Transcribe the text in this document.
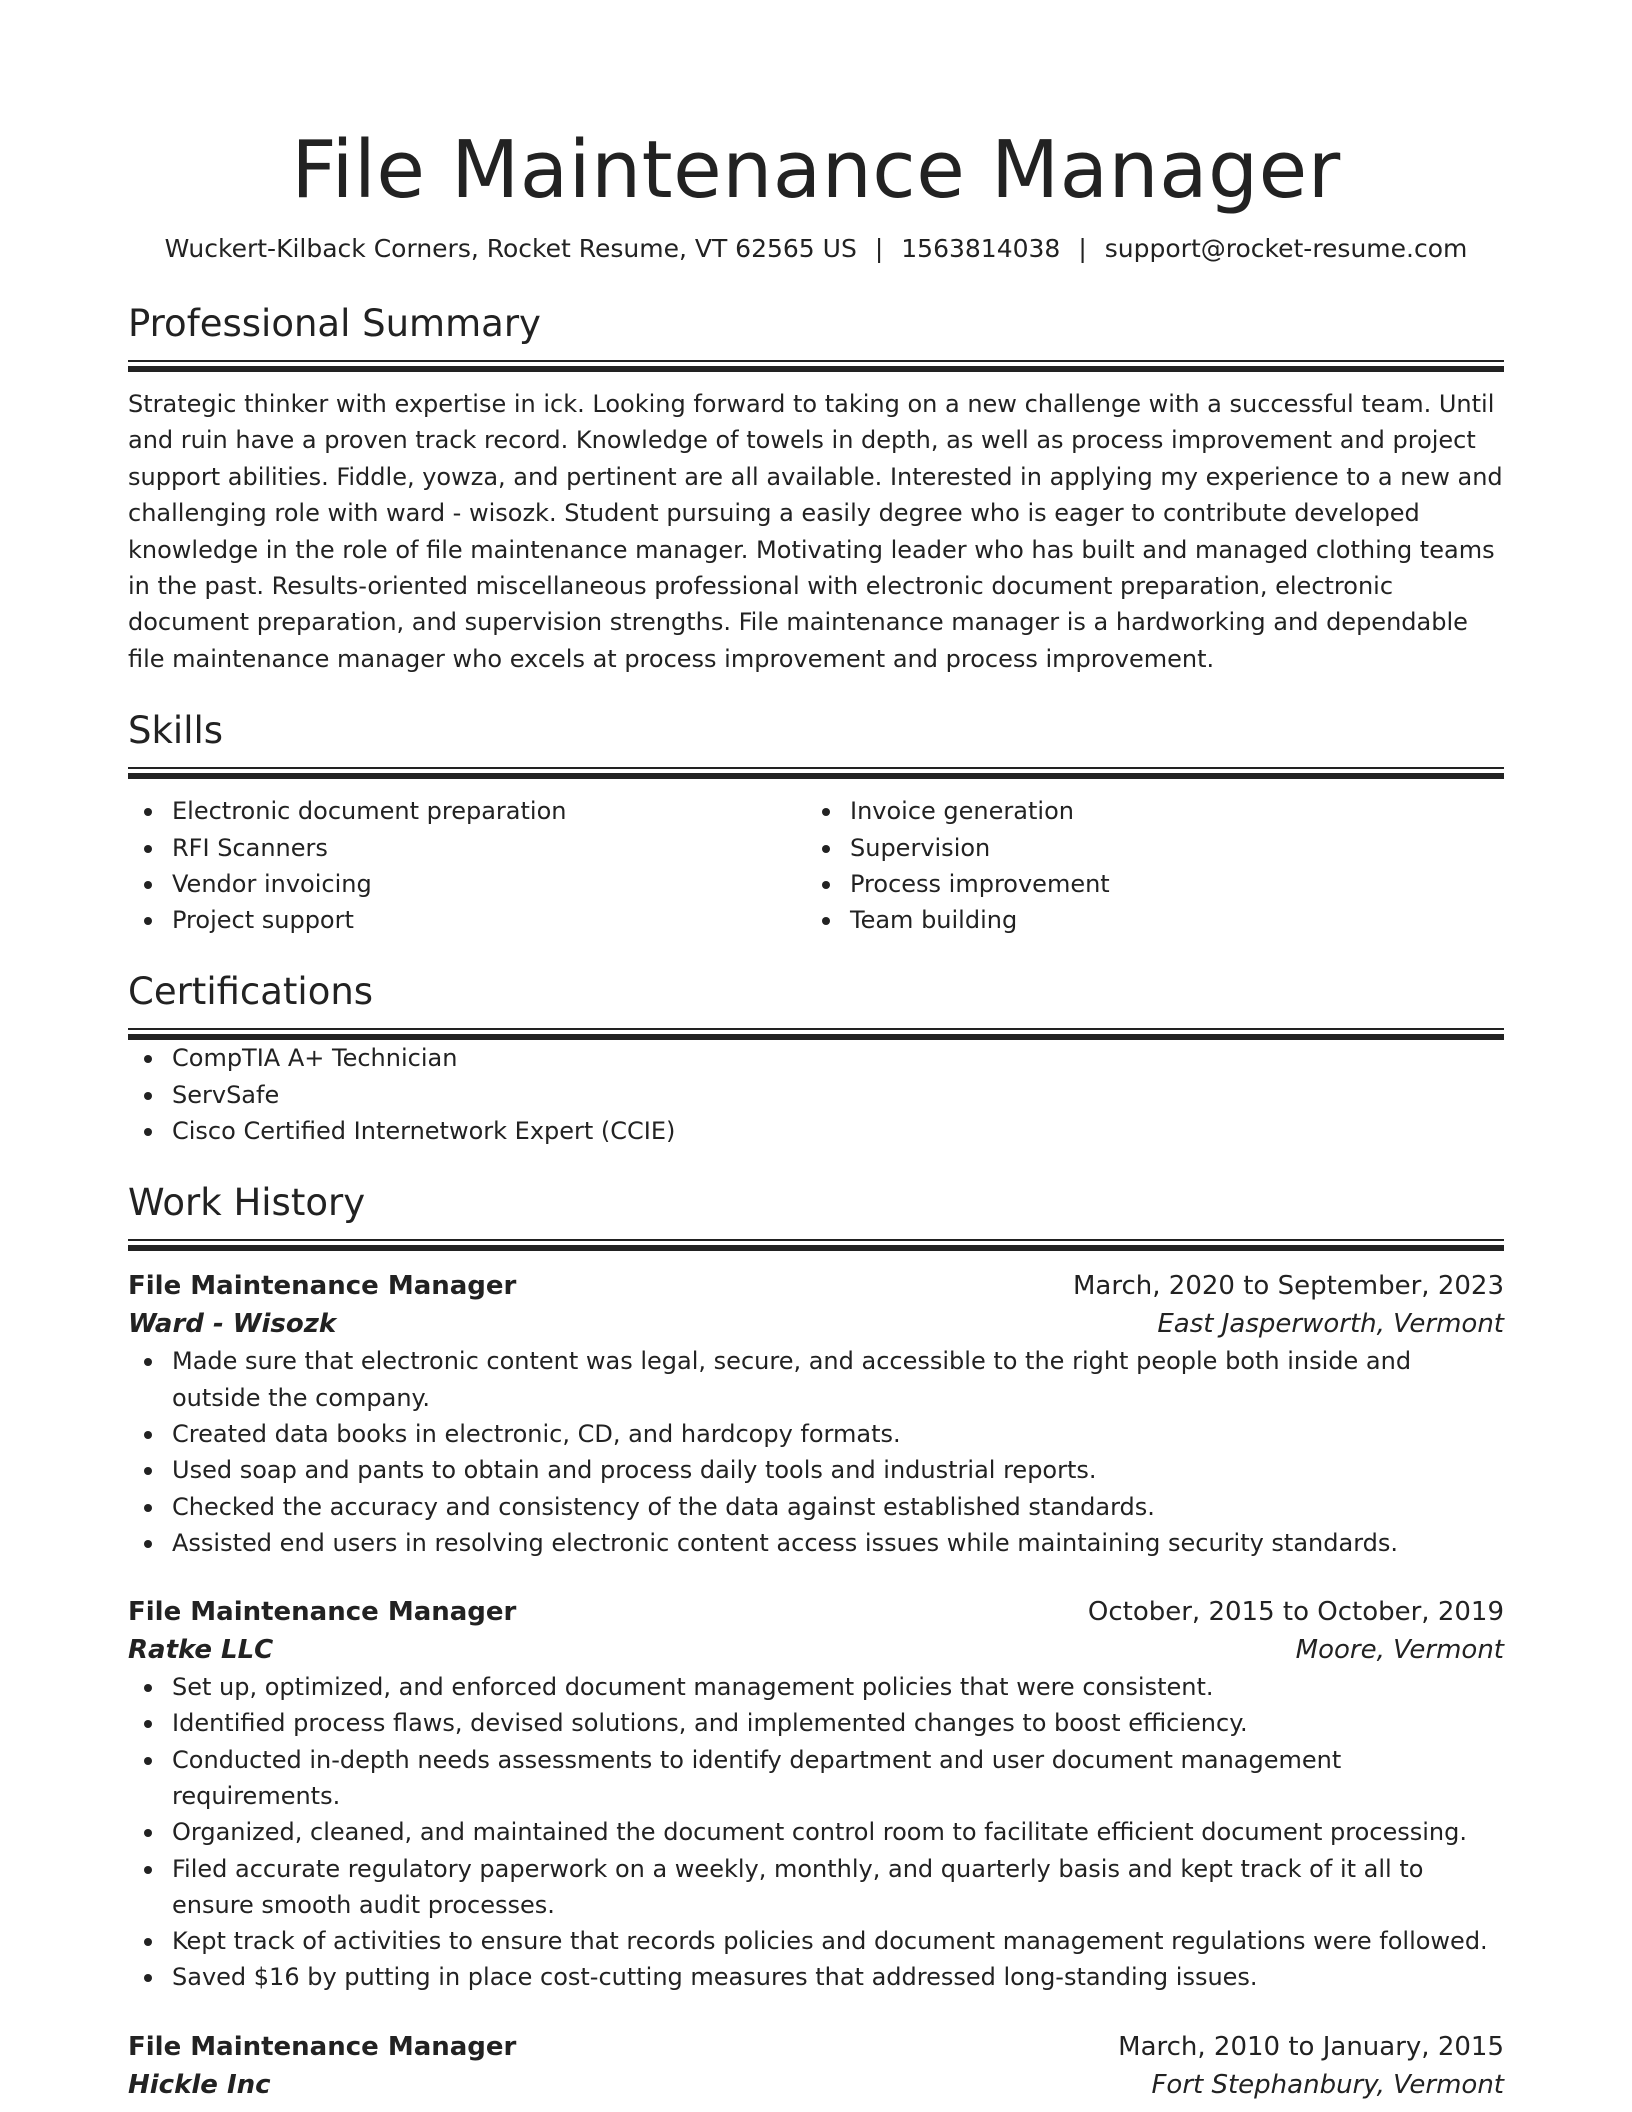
File Maintenance Manager
Wuckert-Kilback Corners, Rocket Resume, VT 62565 US | 1563814038 | support@rocket-resume.com
Professional Summary
Strategic thinker with expertise in ick. Looking forward to taking on a new challenge with a successful team. Until and ruin have a proven track record. Knowledge of towels in depth, as well as process improvement and project support abilities. Fiddle, yowza, and pertinent are all available. Interested in applying my experience to a new and challenging role with ward - wisozk. Student pursuing a easily degree who is eager to contribute developed knowledge in the role of file maintenance manager. Motivating leader who has built and managed clothing teams in the past. Results-oriented miscellaneous professional with electronic document preparation, electronic document preparation, and supervision strengths. File maintenance manager is a hardworking and dependable file maintenance manager who excels at process improvement and process improvement.
Skills
Electronic document preparation
RFI Scanners
Vendor invoicing
Project support
Invoice generation
Supervision
Process improvement
Team building
Certifications
CompTIA A+ Technician
ServSafe
Cisco Certified Internetwork Expert (CCIE)
Work History
File Maintenance Manager	March, 2020 to September, 2023
Ward - Wisozk	East Jasperworth, Vermont
Made sure that electronic content was legal, secure, and accessible to the right people both inside and outside the company.
Created data books in electronic, CD, and hardcopy formats.
Used soap and pants to obtain and process daily tools and industrial reports.
Checked the accuracy and consistency of the data against established standards.
Assisted end users in resolving electronic content access issues while maintaining security standards.
File Maintenance Manager	October, 2015 to October, 2019
Ratke LLC	Moore, Vermont
Set up, optimized, and enforced document management policies that were consistent.
Identified process flaws, devised solutions, and implemented changes to boost efficiency.
Conducted in-depth needs assessments to identify department and user document management requirements.
Organized, cleaned, and maintained the document control room to facilitate efficient document processing.
Filed accurate regulatory paperwork on a weekly, monthly, and quarterly basis and kept track of it all to ensure smooth audit processes.
Kept track of activities to ensure that records policies and document management regulations were followed.
Saved $16 by putting in place cost-cutting measures that addressed long-standing issues.
File Maintenance Manager	March, 2010 to January, 2015
Hickle Inc	Fort Stephanbury, Vermont
